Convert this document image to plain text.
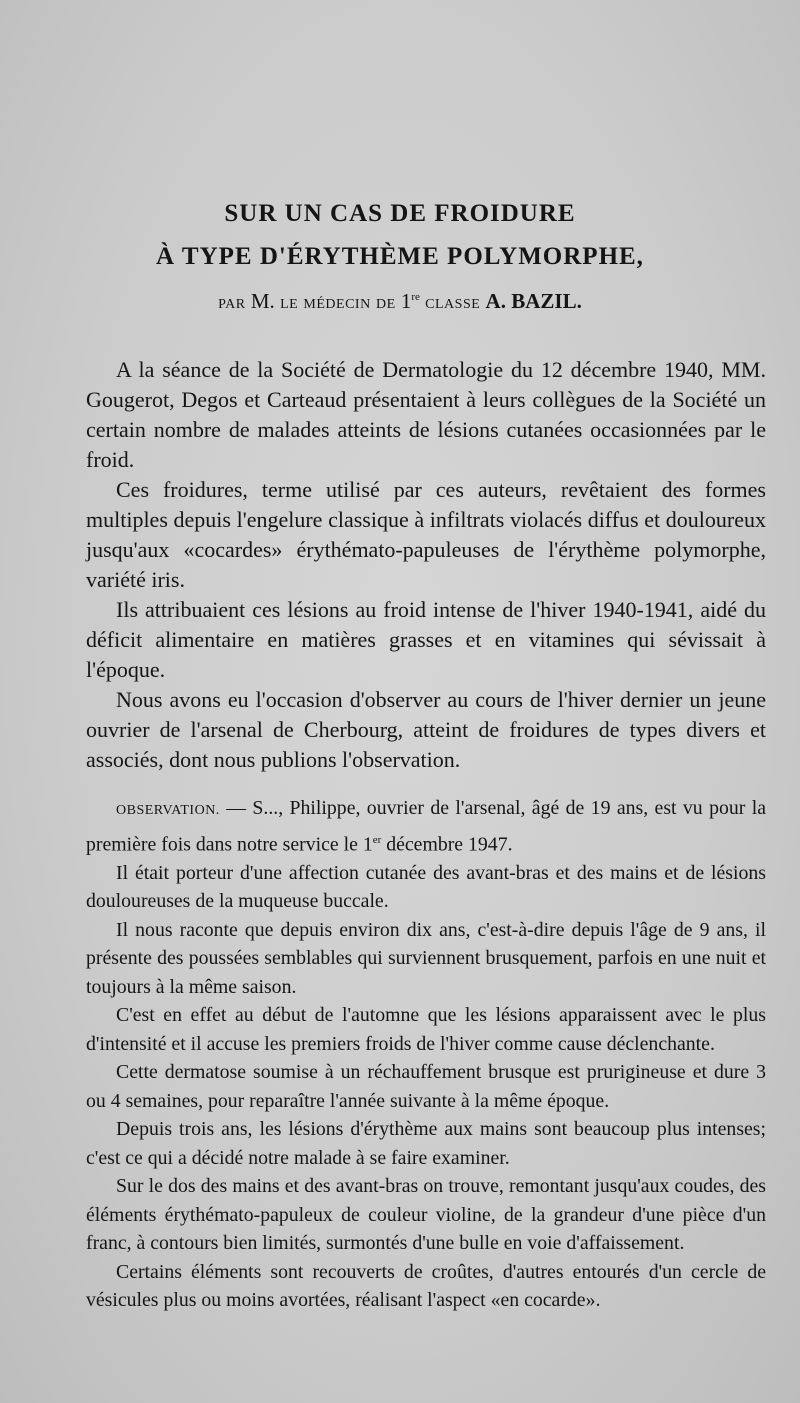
SUR UN CAS DE FROIDURE
À TYPE D'ÉRYTHÈME POLYMORPHE,

PAR M. LE MÉDECIN DE 1re CLASSE A. BAZIL.

A la séance de la Société de Dermatologie du 12 décembre 1940, MM. Gougerot, Degos et Carteaud présentaient à leurs collègues de la Société un certain nombre de malades atteints de lésions cutanées occasionnées par le froid.

Ces froidures, terme utilisé par ces auteurs, revêtaient des formes multiples depuis l'engelure classique à infiltrats violacés diffus et douloureux jusqu'aux «cocardes» érythémato-papuleuses de l'érythème polymorphe, variété iris.

Ils attribuaient ces lésions au froid intense de l'hiver 1940-1941, aidé du déficit alimentaire en matières grasses et en vitamines qui sévissait à l'époque.

Nous avons eu l'occasion d'observer au cours de l'hiver dernier un jeune ouvrier de l'arsenal de Cherbourg, atteint de froidures de types divers et associés, dont nous publions l'observation.

OBSERVATION. — S..., Philippe, ouvrier de l'arsenal, âgé de 19 ans, est vu pour la première fois dans notre service le 1er décembre 1947.

Il était porteur d'une affection cutanée des avant-bras et des mains et de lésions douloureuses de la muqueuse buccale.

Il nous raconte que depuis environ dix ans, c'est-à-dire depuis l'âge de 9 ans, il présente des poussées semblables qui surviennent brusquement, parfois en une nuit et toujours à la même saison.

C'est en effet au début de l'automne que les lésions apparaissent avec le plus d'intensité et il accuse les premiers froids de l'hiver comme cause déclenchante.

Cette dermatose soumise à un réchauffement brusque est prurigineuse et dure 3 ou 4 semaines, pour reparaître l'année suivante à la même époque.

Depuis trois ans, les lésions d'érythème aux mains sont beaucoup plus intenses; c'est ce qui a décidé notre malade à se faire examiner.

Sur le dos des mains et des avant-bras on trouve, remontant jusqu'aux coudes, des éléments érythémato-papuleux de couleur violine, de la grandeur d'une pièce d'un franc, à contours bien limités, surmontés d'une bulle en voie d'affaissement.

Certains éléments sont recouverts de croûtes, d'autres entourés d'un cercle de vésicules plus ou moins avortées, réalisant l'aspect «en cocarde».
